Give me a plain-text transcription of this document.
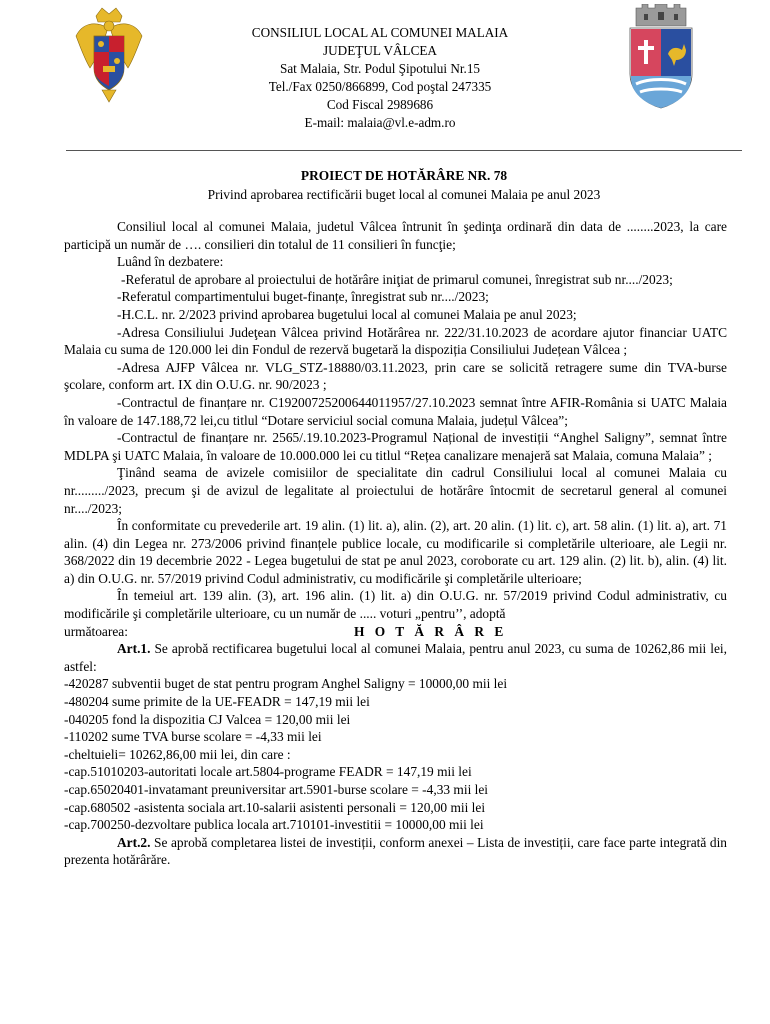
CONSILIUL LOCAL AL COMUNEI MALAIA
JUDEŢUL VÂLCEA
Sat Malaia, Str. Podul Şipotului Nr.15
Tel./Fax 0250/866899, Cod poştal 247335
Cod Fiscal 2989686
E-mail: malaia@vl.e-adm.ro
PROIECT DE HOTĂRÂRE NR. 78
Privind aprobarea rectificării buget local al comunei Malaia pe anul 2023

Consiliul local al comunei Malaia, judetul Vâlcea întrunit în şedinţa ordinară din data de ........2023, la care participă un număr de …. consilieri din totalul de 11 consilieri în funcţie;

Luând în dezbatere:

-Referatul de aprobare al proiectului de hotărâre iniţiat de primarul comunei, înregistrat sub nr..../2023;

-Referatul compartimentului buget-finanțe, înregistrat sub nr..../2023;

-H.C.L. nr. 2/2023 privind aprobarea bugetului local al comunei Malaia pe anul 2023;

-Adresa Consiliului Judeţean Vâlcea privind Hotărârea nr. 222/31.10.2023 de acordare ajutor financiar UATC Malaia cu suma de 120.000 lei din Fondul de rezervă bugetară la dispoziția Consiliului Județean Vâlcea ;

-Adresa AJFP Vâlcea nr. VLG_STZ-18880/03.11.2023, prin care se solicită retragere sume din TVA-burse şcolare, conform art. IX din O.U.G. nr. 90/2023 ;

-Contractul de finanțare nr. C19200725200644011957/27.10.2023 semnat între AFIR-România si UATC Malaia în valoare de 147.188,72 lei,cu titlul “Dotare serviciul social comuna Malaia, județul Vâlcea”;

-Contractul de finanțare nr. 2565/.19.10.2023-Programul Național de investiții “Anghel Saligny”, semnat între MDLPA şi UATC Malaia, în valoare de 10.000.000 lei cu titlul “Rețea canalizare menajeră sat Malaia, comuna Malaia” ;

Ţinând seama de avizele comisiilor de specialitate din cadrul Consiliului local al comunei Malaia cu nr........./2023, precum şi de avizul de legalitate al proiectului de hotărâre întocmit de secretarul general al comunei nr..../2023;

În conformitate cu prevederile art. 19 alin. (1) lit. a), alin. (2), art. 20 alin. (1) lit. c), art. 58 alin. (1) lit. a), art. 71 alin. (4) din Legea nr. 273/2006 privind finanțele publice locale, cu modificarile si completările ulterioare, ale Legii nr. 368/2022 din 19 decembrie 2022 - Legea bugetului de stat pe anul 2023, coroborate cu art. 129 alin. (2) lit. b), alin. (4) lit. a) din O.U.G. nr. 57/2019 privind Codul administrativ, cu modificările şi completările ulterioare;

În temeiul art. 139 alin. (3), art. 196 alin. (1) lit. a) din O.U.G. nr. 57/2019 privind Codul administrativ, cu modificările şi completările ulterioare, cu un număr de ..... voturi „pentru’’, adoptă

următoarea:	H O T Ă R Â R E

Art.1. Se aprobă rectificarea bugetului local al comunei Malaia, pentru anul 2023, cu suma de 10262,86 mii lei, astfel:

-420287 subventii buget de stat pentru program Anghel Saligny = 10000,00 mii lei

-480204 sume primite de la UE-FEADR = 147,19 mii lei

-040205 fond la dispozitia CJ Valcea = 120,00 mii lei

-110202 sume TVA burse scolare = -4,33 mii lei

-cheltuieli= 10262,86,00 mii lei, din care :

-cap.51010203-autoritati locale art.5804-programe FEADR = 147,19 mii lei

-cap.65020401-invatamant preuniversitar art.5901-burse scolare = -4,33 mii lei

-cap.680502 -asistenta sociala art.10-salarii asistenti personali = 120,00 mii lei

-cap.700250-dezvoltare publica locala art.710101-investitii = 10000,00 mii lei

Art.2. Se aprobă completarea listei de investiții, conform anexei – Lista de investiții, care face parte integrată din prezenta hotărârăre.
